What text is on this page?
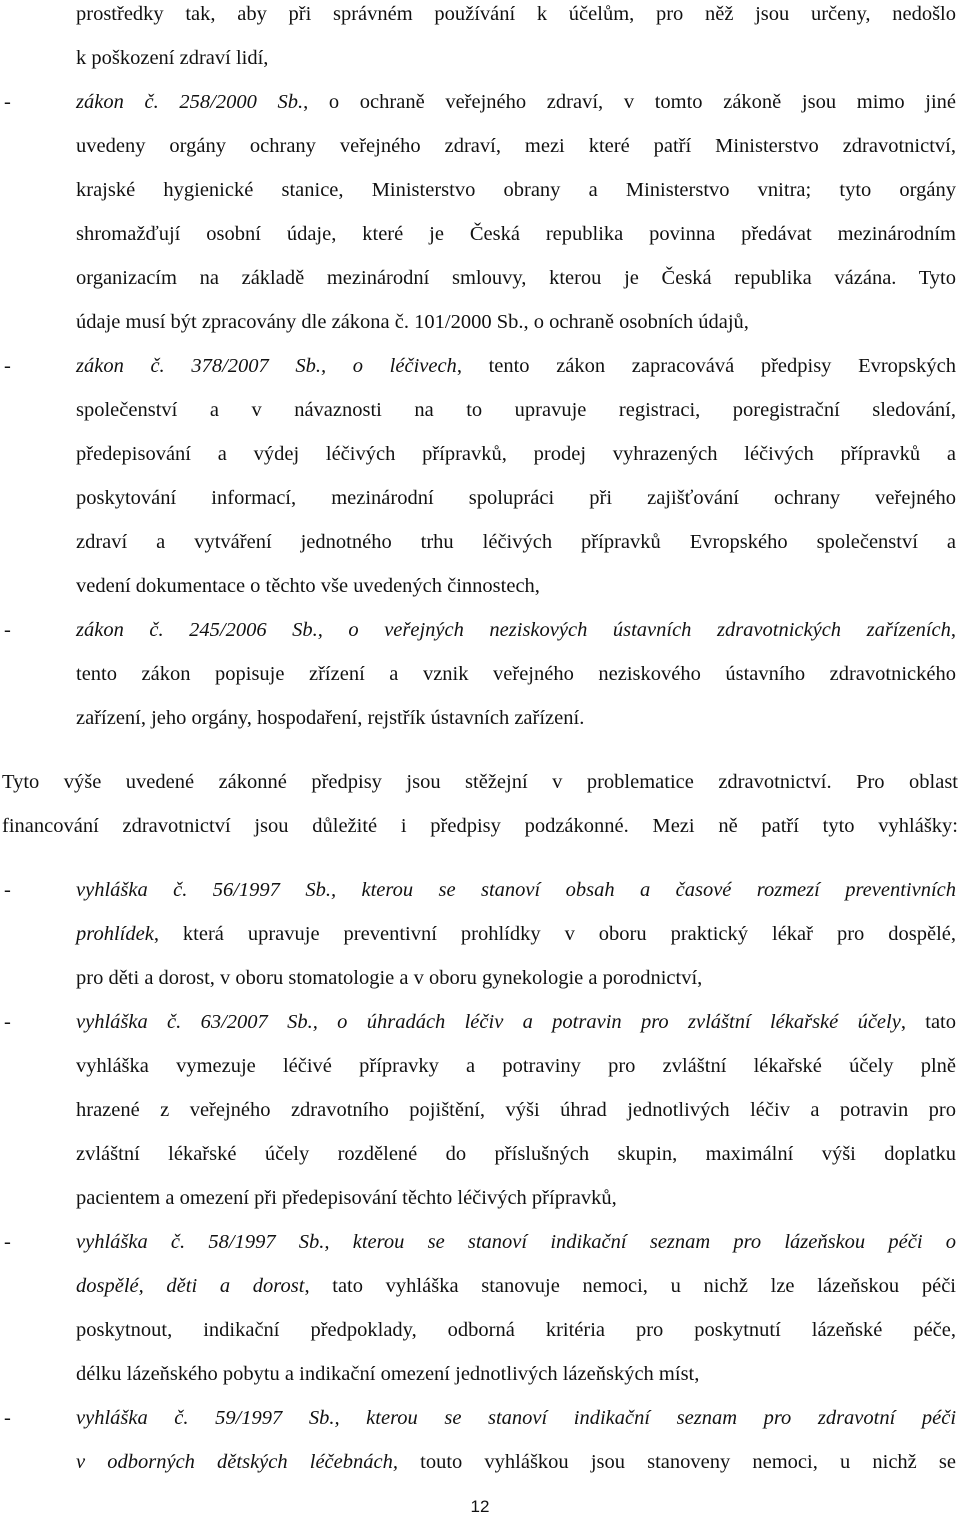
prostředky tak, aby při správném používání k účelům, pro něž jsou určeny, nedošlo
k poškození zdraví lidí,
-	zákon č. 258/2000 Sb., o ochraně veřejného zdraví, v tomto zákoně jsou mimo jiné
uvedeny orgány ochrany veřejného zdraví, mezi které patří Ministerstvo zdravotnictví,
krajské hygienické stanice, Ministerstvo obrany a Ministerstvo vnitra; tyto orgány
shromažďují osobní údaje, které je Česká republika povinna předávat mezinárodním
organizacím na základě mezinárodní smlouvy, kterou je Česká republika vázána. Tyto
údaje musí být zpracovány dle zákona č. 101/2000 Sb., o ochraně osobních údajů,
-	zákon č. 378/2007 Sb., o léčivech, tento zákon zapracovává předpisy Evropských
společenství a v návaznosti na to upravuje registraci, poregistrační sledování,
předepisování a výdej léčivých přípravků, prodej vyhrazených léčivých přípravků a
poskytování informací, mezinárodní spolupráci při zajišťování ochrany veřejného
zdraví a vytváření jednotného trhu léčivých přípravků Evropského společenství a
vedení dokumentace o těchto vše uvedených činnostech,
-	zákon č. 245/2006 Sb., o veřejných neziskových ústavních zdravotnických zařízeních,
tento zákon popisuje zřízení a vznik veřejného neziskového ústavního zdravotnického
zařízení, jeho orgány, hospodaření, rejstřík ústavních zařízení.
Tyto výše uvedené zákonné předpisy jsou stěžejní v problematice zdravotnictví. Pro oblast
financování zdravotnictví jsou důležité i předpisy podzákonné. Mezi ně patří tyto vyhlášky:
-	vyhláška č. 56/1997 Sb., kterou se stanoví obsah a časové rozmezí preventivních
prohlídek, která upravuje preventivní prohlídky v oboru praktický lékař pro dospělé,
pro děti a dorost, v oboru stomatologie a v oboru gynekologie a porodnictví,
-	vyhláška č. 63/2007 Sb., o úhradách léčiv a potravin pro zvláštní lékařské účely, tato
vyhláška vymezuje léčivé přípravky a potraviny pro zvláštní lékařské účely plně
hrazené z veřejného zdravotního pojištění, výši úhrad jednotlivých léčiv a potravin pro
zvláštní lékařské účely rozdělené do příslušných skupin, maximální výši doplatku
pacientem a omezení při předepisování těchto léčivých přípravků,
-	vyhláška č. 58/1997 Sb., kterou se stanoví indikační seznam pro lázeňskou péči o
dospělé, děti a dorost, tato vyhláška stanovuje nemoci, u nichž lze lázeňskou péči
poskytnout, indikační předpoklady, odborná kritéria pro poskytnutí lázeňské péče,
délku lázeňského pobytu a indikační omezení jednotlivých lázeňských míst,
-	vyhláška č. 59/1997 Sb., kterou se stanoví indikační seznam pro zdravotní péči
v odborných dětských léčebnách, touto vyhláškou jsou stanoveny nemoci, u nichž se
12
